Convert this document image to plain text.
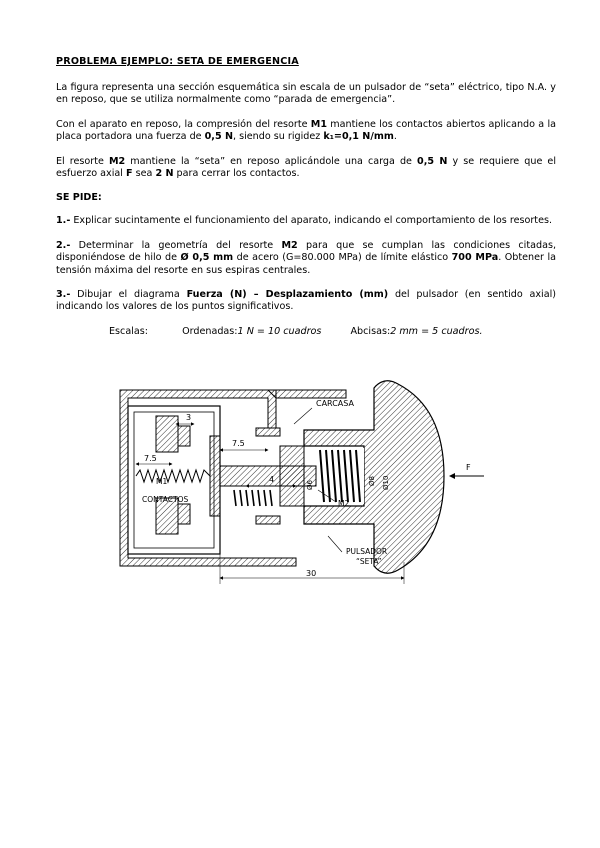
PROBLEMA EJEMPLO: SETA DE EMERGENCIA

La figura representa una sección esquemática sin escala de un pulsador de “seta” eléctrico, tipo N.A. y en reposo, que se utiliza normalmente como “parada de emergencia”.

Con el aparato en reposo, la compresión del resorte M1 mantiene los contactos abiertos aplicando a la placa portadora una fuerza de 0,5 N, siendo su rigidez k₁=0,1 N/mm.

El resorte M2 mantiene la “seta” en reposo aplicándole una carga de 0,5 N y se requiere que el esfuerzo axial F sea 2 N para cerrar los contactos.

SE PIDE:

1.- Explicar sucintamente el funcionamiento del aparato, indicando el comportamiento de los resortes.

2.- Determinar la geometría del resorte M2 para que se cumplan las condiciones citadas, disponiéndose de hilo de Ø 0,5 mm de acero (G=80.000 MPa) de límite elástico 700 MPa. Obtener la tensión máxima del resorte en sus espiras centrales.

3.- Dibujar el diagrama Fuerza (N) – Desplazamiento (mm) del pulsador (en sentido axial) indicando los valores de los puntos significativos.

Escalas:	Ordenadas:1 N = 10 cuadros	Abcisas:2 mm = 5 cuadros.
3
7.5
7.5
4
Ø6	Ø8 Ø10
30
CARCASA
M1
M2
CONTACTOS
PULSADOR
“SETA”
F
